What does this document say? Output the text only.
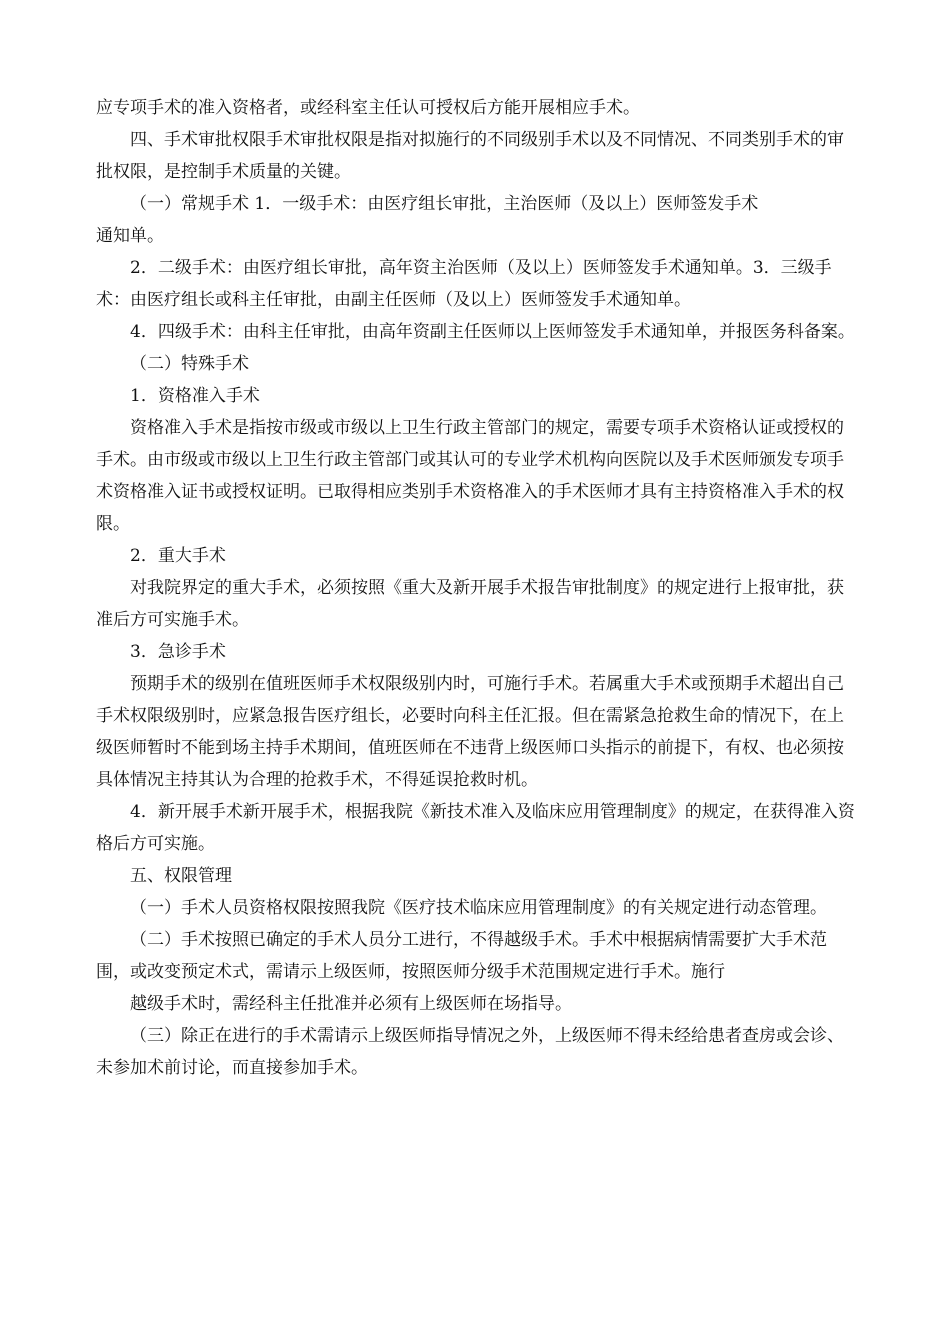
应专项手术的准入资格者，或经科室主任认可授权后方能开展相应手术。

四、手术审批权限手术审批权限是指对拟施行的不同级别手术以及不同情况、不同类别手术的审批权限，是控制手术质量的关键。

（一）常规手术 1．一级手术：由医疗组长审批，主治医师（及以上）医师签发手术

通知单。

2．二级手术：由医疗组长审批，高年资主治医师（及以上）医师签发手术通知单。3．三级手术：由医疗组长或科主任审批，由副主任医师（及以上）医师签发手术通知单。

4．四级手术：由科主任审批，由高年资副主任医师以上医师签发手术通知单，并报医务科备案。

（二）特殊手术

1．资格准入手术

资格准入手术是指按市级或市级以上卫生行政主管部门的规定，需要专项手术资格认证或授权的手术。由市级或市级以上卫生行政主管部门或其认可的专业学术机构向医院以及手术医师颁发专项手术资格准入证书或授权证明。已取得相应类别手术资格准入的手术医师才具有主持资格准入手术的权限。

2．重大手术

对我院界定的重大手术，必须按照《重大及新开展手术报告审批制度》的规定进行上报审批，获准后方可实施手术。

3．急诊手术

预期手术的级别在值班医师手术权限级别内时，可施行手术。若属重大手术或预期手术超出自己手术权限级别时，应紧急报告医疗组长，必要时向科主任汇报。但在需紧急抢救生命的情况下，在上级医师暂时不能到场主持手术期间，值班医师在不违背上级医师口头指示的前提下，有权、也必须按具体情况主持其认为合理的抢救手术，不得延误抢救时机。

4．新开展手术新开展手术，根据我院《新技术准入及临床应用管理制度》的规定，在获得准入资格后方可实施。

五、权限管理

（一）手术人员资格权限按照我院《医疗技术临床应用管理制度》的有关规定进行动态管理。

（二）手术按照已确定的手术人员分工进行，不得越级手术。手术中根据病情需要扩大手术范围，或改变预定术式，需请示上级医师，按照医师分级手术范围规定进行手术。施行

越级手术时，需经科主任批准并必须有上级医师在场指导。

（三）除正在进行的手术需请示上级医师指导情况之外，上级医师不得未经给患者查房或会诊、未参加术前讨论，而直接参加手术。
